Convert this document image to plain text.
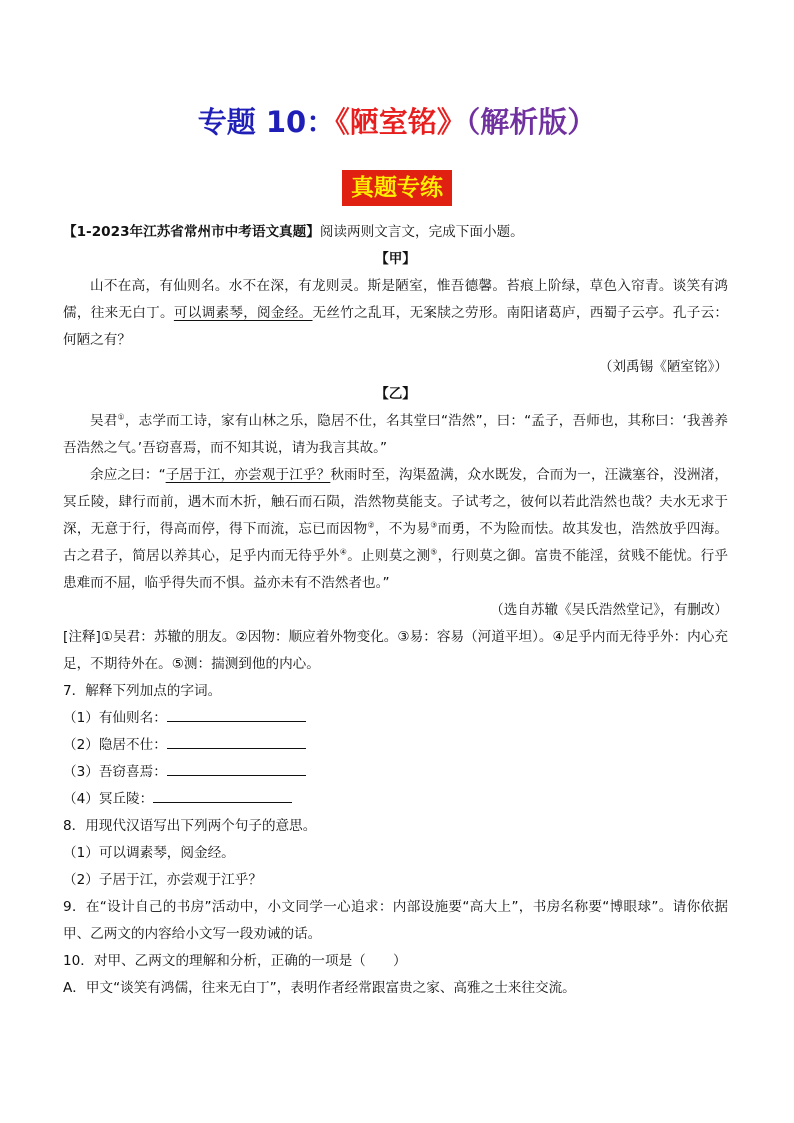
专题 10：《陋室铭》（解析版）
真题专练

【1-2023年江苏省常州市中考语文真题】阅读两则文言文，完成下面小题。

【甲】

山不在高，有仙则名。水不在深，有龙则灵。斯是陋室，惟吾德馨。苔痕上阶绿，草色入帘青。谈笑有鸿儒，往来无白丁。可以调素琴，阅金经。无丝竹之乱耳，无案牍之劳形。南阳诸葛庐，西蜀子云亭。孔子云：何陋之有？

（刘禹锡《陋室铭》）

【乙】

吴君①，志学而工诗，家有山林之乐，隐居不仕，名其堂曰“浩然”，曰：“孟子，吾师也，其称曰：‘我善养吾浩然之气。’吾窃喜焉，而不知其说，请为我言其故。”

余应之曰：“子居于江，亦尝观于江乎？秋雨时至，沟渠盈满，众水既发，合而为一，汪濊塞谷，没洲渚，冥丘陵，肆行而前，遇木而木折，触石而石陨，浩然物莫能支。子试考之，彼何以若此浩然也哉？夫水无求于深，无意于行，得高而停，得下而流，忘已而因物②，不为易③而勇，不为险而怯。故其发也，浩然放乎四海。古之君子，简居以养其心，足乎内而无待乎外④。止则莫之测⑤，行则莫之御。富贵不能淫，贫贱不能忧。行乎患难而不屈，临乎得失而不惧。益亦未有不浩然者也。”

（选自苏辙《吴氏浩然堂记》，有删改）

[注释]①吴君：苏辙的朋友。②因物：顺应着外物变化。③易：容易（河道平坦）。④足乎内而无待乎外：内心充足，不期待外在。⑤测：揣测到他的内心。

7．解释下列加点的字词。

（1）有仙则名：

（2）隐居不仕：

（3）吾窃喜焉：

（4）冥丘陵：

8．用现代汉语写出下列两个句子的意思。

（1）可以调素琴，阅金经。

（2）子居于江，亦尝观于江乎？

9．在“设计自己的书房”活动中，小文同学一心追求：内部设施要“高大上”，书房名称要“博眼球”。请你依据甲、乙两文的内容给小文写一段劝诫的话。

10．对甲、乙两文的理解和分析，正确的一项是（　　）

A．甲文“谈笑有鸿儒，往来无白丁”，表明作者经常跟富贵之家、高雅之士来往交流。
